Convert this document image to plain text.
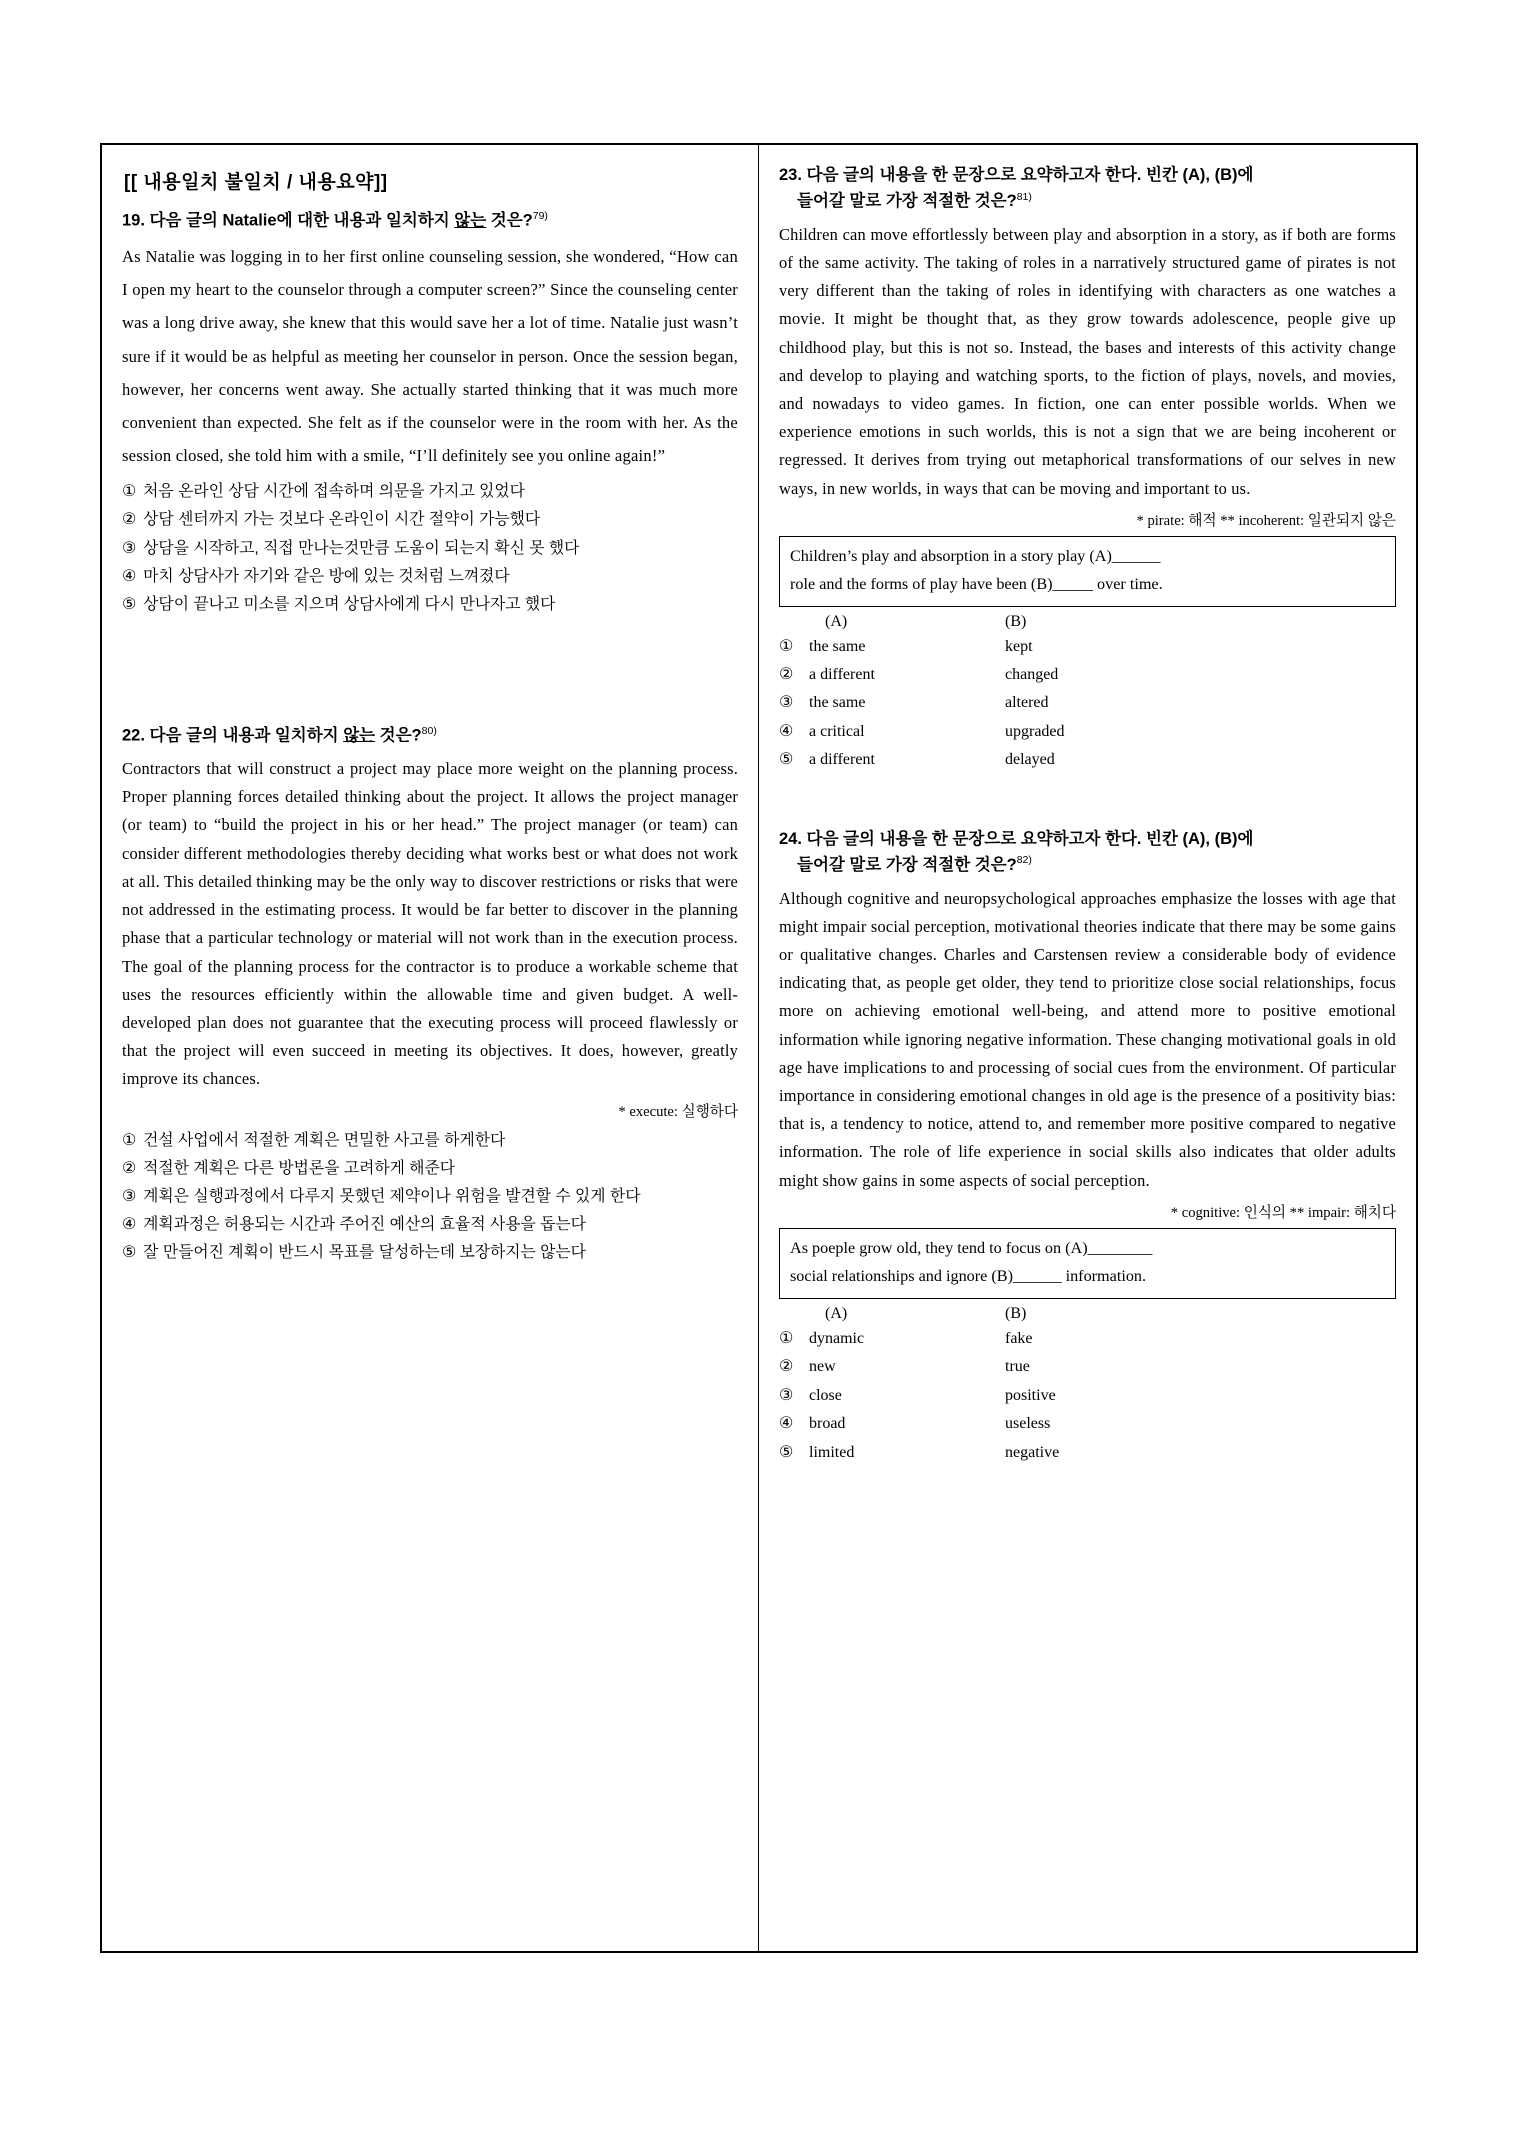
[[ 내용일치 불일치 / 내용요약]]
19. 다음 글의 Natalie에 대한 내용과 일치하지 않는 것은?$^{79)}$

As Natalie was logging in to her first online counseling session, she wondered, “How can I open my heart to the counselor through a computer screen?” Since the counseling center was a long drive away, she knew that this would save her a lot of time. Natalie just wasn’t sure if it would be as helpful as meeting her counselor in person. Once the session began, however, her concerns went away. She actually started thinking that it was much more convenient than expected. She felt as if the counselor were in the room with her. As the session closed, she told him with a smile, “I’ll definitely see you online again!”

① 처음 온라인 상담 시간에 접속하며 의문을 가지고 있었다
② 상담 센터까지 가는 것보다 온라인이 시간 절약이 가능했다
③ 상담을 시작하고, 직접 만나는것만큼 도움이 되는지 확신 못 했다
④ 마치 상담사가 자기와 같은 방에 있는 것처럼 느껴졌다
⑤ 상담이 끝나고 미소를 지으며 상담사에게 다시 만나자고 했다
22. 다음 글의 내용과 일치하지 않는 것은?$^{80)}$

Contractors that will construct a project may place more weight on the planning process. Proper planning forces detailed thinking about the project. It allows the project manager (or team) to “build the project in his or her head.” The project manager (or team) can consider different methodologies thereby deciding what works best or what does not work at all. This detailed thinking may be the only way to discover restrictions or risks that were not addressed in the estimating process. It would be far better to discover in the planning phase that a particular technology or material will not work than in the execution process. The goal of the planning process for the contractor is to produce a workable scheme that uses the resources efficiently within the allowable time and given budget. A well-developed plan does not guarantee that the executing process will proceed flawlessly or that the project will even succeed in meeting its objectives. It does, however, greatly improve its chances.

* execute: 실행하다
① 건설 사업에서 적절한 계획은 면밀한 사고를 하게한다
② 적절한 계획은 다른 방법론을 고려하게 해준다
③ 계획은 실행과정에서 다루지 못했던 제약이나 위험을 발견할 수 있게 한다
④ 계획과정은 허용되는 시간과 주어진 예산의 효율적 사용을 돕는다
⑤ 잘 만들어진 계획이 반드시 목표를 달성하는데 보장하지는 않는다
23. 다음 글의 내용을 한 문장으로 요약하고자 한다. 빈칸 (A), (B)에
들어갈 말로 가장 적절한 것은?$^{81)}$

Children can move effortlessly between play and absorption in a story, as if both are forms of the same activity. The taking of roles in a narratively structured game of pirates is not very different than the taking of roles in identifying with characters as one watches a movie. It might be thought that, as they grow towards adolescence, people give up childhood play, but this is not so. Instead, the bases and interests of this activity change and develop to playing and watching sports, to the fiction of plays, novels, and movies, and nowadays to video games. In fiction, one can enter possible worlds. When we experience emotions in such worlds, this is not a sign that we are being incoherent or regressed. It derives from trying out metaphorical transformations of our selves in new ways, in new worlds, in ways that can be moving and important to us.

* pirate: 해적 ** incoherent: 일관되지 않은
Children’s play and absorption in a story play (A)______
role and the forms of play have been (B)_____ over time.
(A)	(B)
① the same	kept
② a different	changed
③ the same	altered
④ a critical	upgraded
⑤ a different	delayed
24. 다음 글의 내용을 한 문장으로 요약하고자 한다. 빈칸 (A), (B)에
들어갈 말로 가장 적절한 것은?$^{82)}$

Although cognitive and neuropsychological approaches emphasize the losses with age that might impair social perception, motivational theories indicate that there may be some gains or qualitative changes. Charles and Carstensen review a considerable body of evidence indicating that, as people get older, they tend to prioritize close social relationships, focus more on achieving emotional well-being, and attend more to positive emotional information while ignoring negative information. These changing motivational goals in old age have implications to and processing of social cues from the environment. Of particular importance in considering emotional changes in old age is the presence of a positivity bias: that is, a tendency to notice, attend to, and remember more positive compared to negative information. The role of life experience in social skills also indicates that older adults might show gains in some aspects of social perception.

* cognitive: 인식의 ** impair: 해치다
As poeple grow old, they tend to focus on (A)________
social relationships and ignore (B)______ information.
(A)	(B)
① dynamic	fake
② new	true
③ close	positive
④ broad	useless
⑤ limited	negative
